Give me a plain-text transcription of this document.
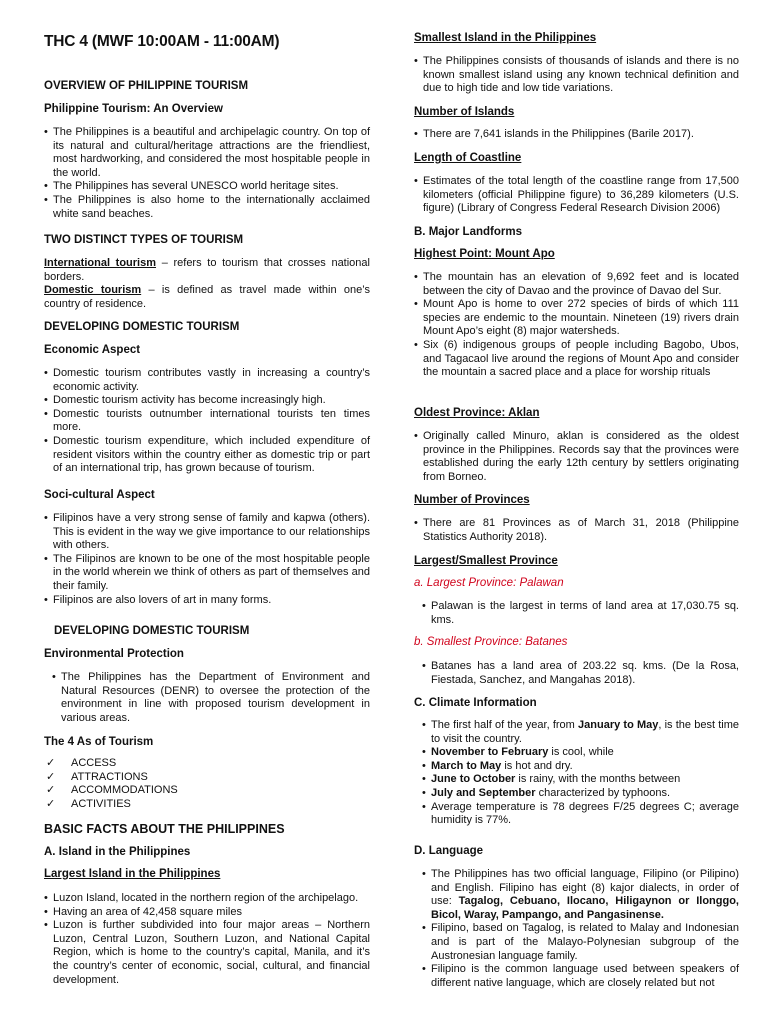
THC 4 (MWF 10:00AM - 11:00AM)
OVERVIEW OF PHILIPPINE TOURISM
Philippine Tourism: An Overview
• The Philippines is a beautiful and archipelagic country. On top of its natural and cultural/heritage attractions are the friendliest, most hardworking, and considered the most hospitable people in the world.
• The Philippines has several UNESCO world heritage sites.
• The Philippines is also home to the internationally acclaimed white sand beaches.
TWO DISTINCT TYPES OF TOURISM
International tourism – refers to tourism that crosses national borders.
Domestic tourism – is defined as travel made within one’s country of residence.
DEVELOPING DOMESTIC TOURISM
Economic Aspect
• Domestic tourism contributes vastly in increasing a country’s economic activity.
• Domestic tourism activity has become increasingly high.
• Domestic tourists outnumber international tourists ten times more.
• Domestic tourism expenditure, which included expenditure of resident visitors within the country either as domestic trip or part of an international trip, has grown because of tourism.
Soci-cultural Aspect
• Filipinos have a very strong sense of family and kapwa (others). This is evident in the way we give importance to our relationships with others.
• The Filipinos are known to be one of the most hospitable people in the world wherein we think of others as part of themselves and their family.
• Filipinos are also lovers of art in many forms.
DEVELOPING DOMESTIC TOURISM
Environmental Protection
• The Philippines has the Department of Environment and Natural Resources (DENR) to oversee the protection of the environment in line with proposed tourism development in various areas.
The 4 As of Tourism
✓ ACCESS
✓ ATTRACTIONS
✓ ACCOMMODATIONS
✓ ACTIVITIES
BASIC FACTS ABOUT THE PHILIPPINES
A. Island in the Philippines
Largest Island in the Philippines
• Luzon Island, located in the northern region of the archipelago.
• Having an area of 42,458 square miles
• Luzon is further subdivided into four major areas – Northern Luzon, Central Luzon, Southern Luzon, and National Capital Region, which is home to the country’s capital, Manila, and it’s the country’s center of economic, social, cultural, and financial development.
Smallest Island in the Philippines
• The Philippines consists of thousands of islands and there is no known smallest island using any known technical definition and due to high tide and low tide variations.
Number of Islands
• There are 7,641 islands in the Philippines (Barile 2017).
Length of Coastline
• Estimates of the total length of the coastline range from 17,500 kilometers (official Philippine figure) to 36,289 kilometers (U.S. figure) (Library of Congress Federal Research Division 2006)
B. Major Landforms
Highest Point: Mount Apo
• The mountain has an elevation of 9,692 feet and is located between the city of Davao and the province of Davao del Sur.
• Mount Apo is home to over 272 species of birds of which 111 species are endemic to the mountain. Nineteen (19) rivers drain Mount Apo’s eight (8) major watersheds.
• Six (6) indigenous groups of people including Bagobo, Ubos, and Tagacaol live around the regions of Mount Apo and consider the mountain a sacred place and a place for worship rituals
Oldest Province: Aklan
• Originally called Minuro, aklan is considered as the oldest province in the Philippines. Records say that the provinces were established during the early 12th century by settlers originating from Borneo.
Number of Provinces
• There are 81 Provinces as of March 31, 2018 (Philippine Statistics Authority 2018).
Largest/Smallest Province
a. Largest Province: Palawan
• Palawan is the largest in terms of land area at 17,030.75 sq. kms.
b. Smallest Province: Batanes
• Batanes has a land area of 203.22 sq. kms. (De la Rosa, Fiestada, Sanchez, and Mangahas 2018).
C. Climate Information
• The first half of the year, from January to May, is the best time to visit the country.
• November to February is cool, while
• March to May is hot and dry.
• June to October is rainy, with the months between
• July and September characterized by typhoons.
• Average temperature is 78 degrees F/25 degrees C; average humidity is 77%.
D. Language
• The Philippines has two official language, Filipino (or Pilipino) and English. Filipino has eight (8) kajor dialects, in order of use: Tagalog, Cebuano, Ilocano, Hiligaynon or Ilonggo, Bicol, Waray, Pampango, and Pangasinense.
• Filipino, based on Tagalog, is related to Malay and Indonesian and is part of the Malayo-Polynesian subgroup of the Austronesian language family.
• Filipino is the common language used between speakers of different native language, which are closely related but not
